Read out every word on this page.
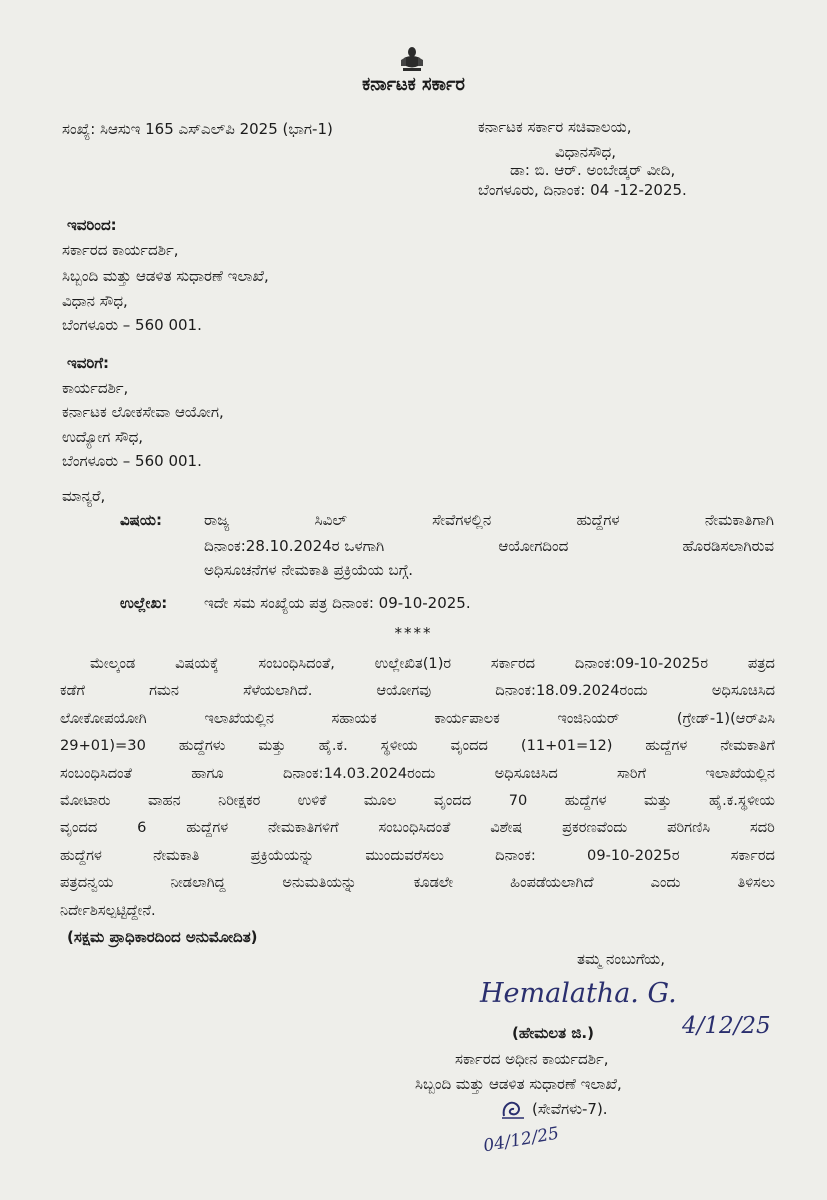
ಕರ್ನಾಟಕ ಸರ್ಕಾರ
ಸಂಖ್ಯೆ: ಸಿಆಸುಇ 165 ಎಸ್‌ಎಲ್‌ಪಿ 2025 (ಭಾಗ-1)	ಕರ್ನಾಟಕ ಸರ್ಕಾರ ಸಚಿವಾಲಯ,
ವಿಧಾನಸೌಧ,
ಡಾ: ಬಿ. ಆರ್. ಅಂಬೇಡ್ಕರ್ ವೀದಿ,
ಬೆಂಗಳೂರು, ದಿನಾಂಕ: 04 -12-2025.
ಇವರಿಂದ:
ಸರ್ಕಾರದ ಕಾರ್ಯದರ್ಶಿ,
ಸಿಬ್ಬಂದಿ ಮತ್ತು ಆಡಳಿತ ಸುಧಾರಣೆ ಇಲಾಖೆ,
ವಿಧಾನ ಸೌಧ,
ಬೆಂಗಳೂರು – 560 001.
ಇವರಿಗೆ:
ಕಾರ್ಯದರ್ಶಿ,
ಕರ್ನಾಟಕ ಲೋಕಸೇವಾ ಆಯೋಗ,
ಉದ್ಯೋಗ ಸೌಧ,
ಬೆಂಗಳೂರು – 560 001.
ಮಾನ್ಯರೆ,
ವಿಷಯ:	ರಾಜ್ಯ	ಸಿವಿಲ್	ಸೇವೆಗಳಲ್ಲಿನ	ಹುದ್ದೆಗಳ	ನೇಮಕಾತಿಗಾಗಿ
ದಿನಾಂಕ:28.10.2024ರ ಒಳಗಾಗಿ	ಆಯೋಗದಿಂದ	ಹೊರಡಿಸಲಾಗಿರುವ
ಅಧಿಸೂಚನೆಗಳ ನೇಮಕಾತಿ ಪ್ರಕ್ರಿಯೆಯ ಬಗ್ಗೆ.
ಉಲ್ಲೇಖ: ಇದೇ ಸಮ ಸಂಖ್ಯೆಯ ಪತ್ರ ದಿನಾಂಕ: 09-10-2025.
****
ಮೇಲ್ಕಂಡ	ವಿಷಯಕ್ಕೆ	ಸಂಬಂಧಿಸಿದಂತೆ,	ಉಲ್ಲೇಖಿತ(1)ರ	ಸರ್ಕಾರದ	ದಿನಾಂಕ:09-10-2025ರ	ಪತ್ರದ
ಕಡೆಗೆ	ಗಮನ	ಸೆಳೆಯಲಾಗಿದೆ.	ಆಯೋಗವು	ದಿನಾಂಕ:18.09.2024ರಂದು	ಅಧಿಸೂಚಿಸಿದ
ಲೋಕೋಪಯೋಗಿ	ಇಲಾಖೆಯಲ್ಲಿನ	ಸಹಾಯಕ	ಕಾರ್ಯಪಾಲಕ	ಇಂಜಿನಿಯರ್	(ಗ್ರೇಡ್-1)(ಆರ್‌ಪಿಸಿ
29+01)=30 ಹುದ್ದೆಗಳು ಮತ್ತು ಹೈ.ಕ. ಸ್ಥಳೀಯ ವೃಂದದ (11+01=12) ಹುದ್ದೆಗಳ ನೇಮಕಾತಿಗೆ
ಸಂಬಂಧಿಸಿದಂತೆ	ಹಾಗೂ	ದಿನಾಂಕ:14.03.2024ರಂದು	ಅಧಿಸೂಚಿಸಿದ	ಸಾರಿಗೆ	ಇಲಾಖೆಯಲ್ಲಿನ
ಮೋಟಾರು	ವಾಹನ	ನಿರೀಕ್ಷಕರ	ಉಳಿಕೆ	ಮೂಲ	ವೃಂದದ	70	ಹುದ್ದೆಗಳ	ಮತ್ತು	ಹೈ.ಕ.ಸ್ಥಳೀಯ
ವೃಂದದ	6	ಹುದ್ದೆಗಳ	ನೇಮಕಾತಿಗಳಿಗೆ	ಸಂಬಂಧಿಸಿದಂತೆ	ವಿಶೇಷ	ಪ್ರಕರಣವೆಂದು	ಪರಿಗಣಿಸಿ	ಸದರಿ
ಹುದ್ದೆಗಳ	ನೇಮಕಾತಿ	ಪ್ರಕ್ರಿಯೆಯನ್ನು	ಮುಂದುವರೆಸಲು	ದಿನಾಂಕ:	09-10-2025ರ	ಸರ್ಕಾರದ
ಪತ್ರದನ್ವಯ	ನೀಡಲಾಗಿದ್ದ	ಅನುಮತಿಯನ್ನು	ಕೂಡಲೇ	ಹಿಂಪಡೆಯಲಾಗಿದೆ	ಎಂದು	ತಿಳಿಸಲು
ನಿರ್ದೇಶಿಸಲ್ಪಟ್ಟಿದ್ದೇನೆ.
(ಸಕ್ಷಮ ಪ್ರಾಧಿಕಾರದಿಂದ ಅನುಮೋದಿತ)
ತಮ್ಮ ನಂಬುಗೆಯ,
Hemalatha. G.
4/12/25
(ಹೇಮಲತ ಜಿ.)
ಸರ್ಕಾರದ ಅಧೀನ ಕಾರ್ಯದರ್ಶಿ,
ಸಿಬ್ಬಂದಿ ಮತ್ತು ಆಡಳಿತ ಸುಧಾರಣೆ ಇಲಾಖೆ,
(ಸೇವೆಗಳು-7).
04/12/25
